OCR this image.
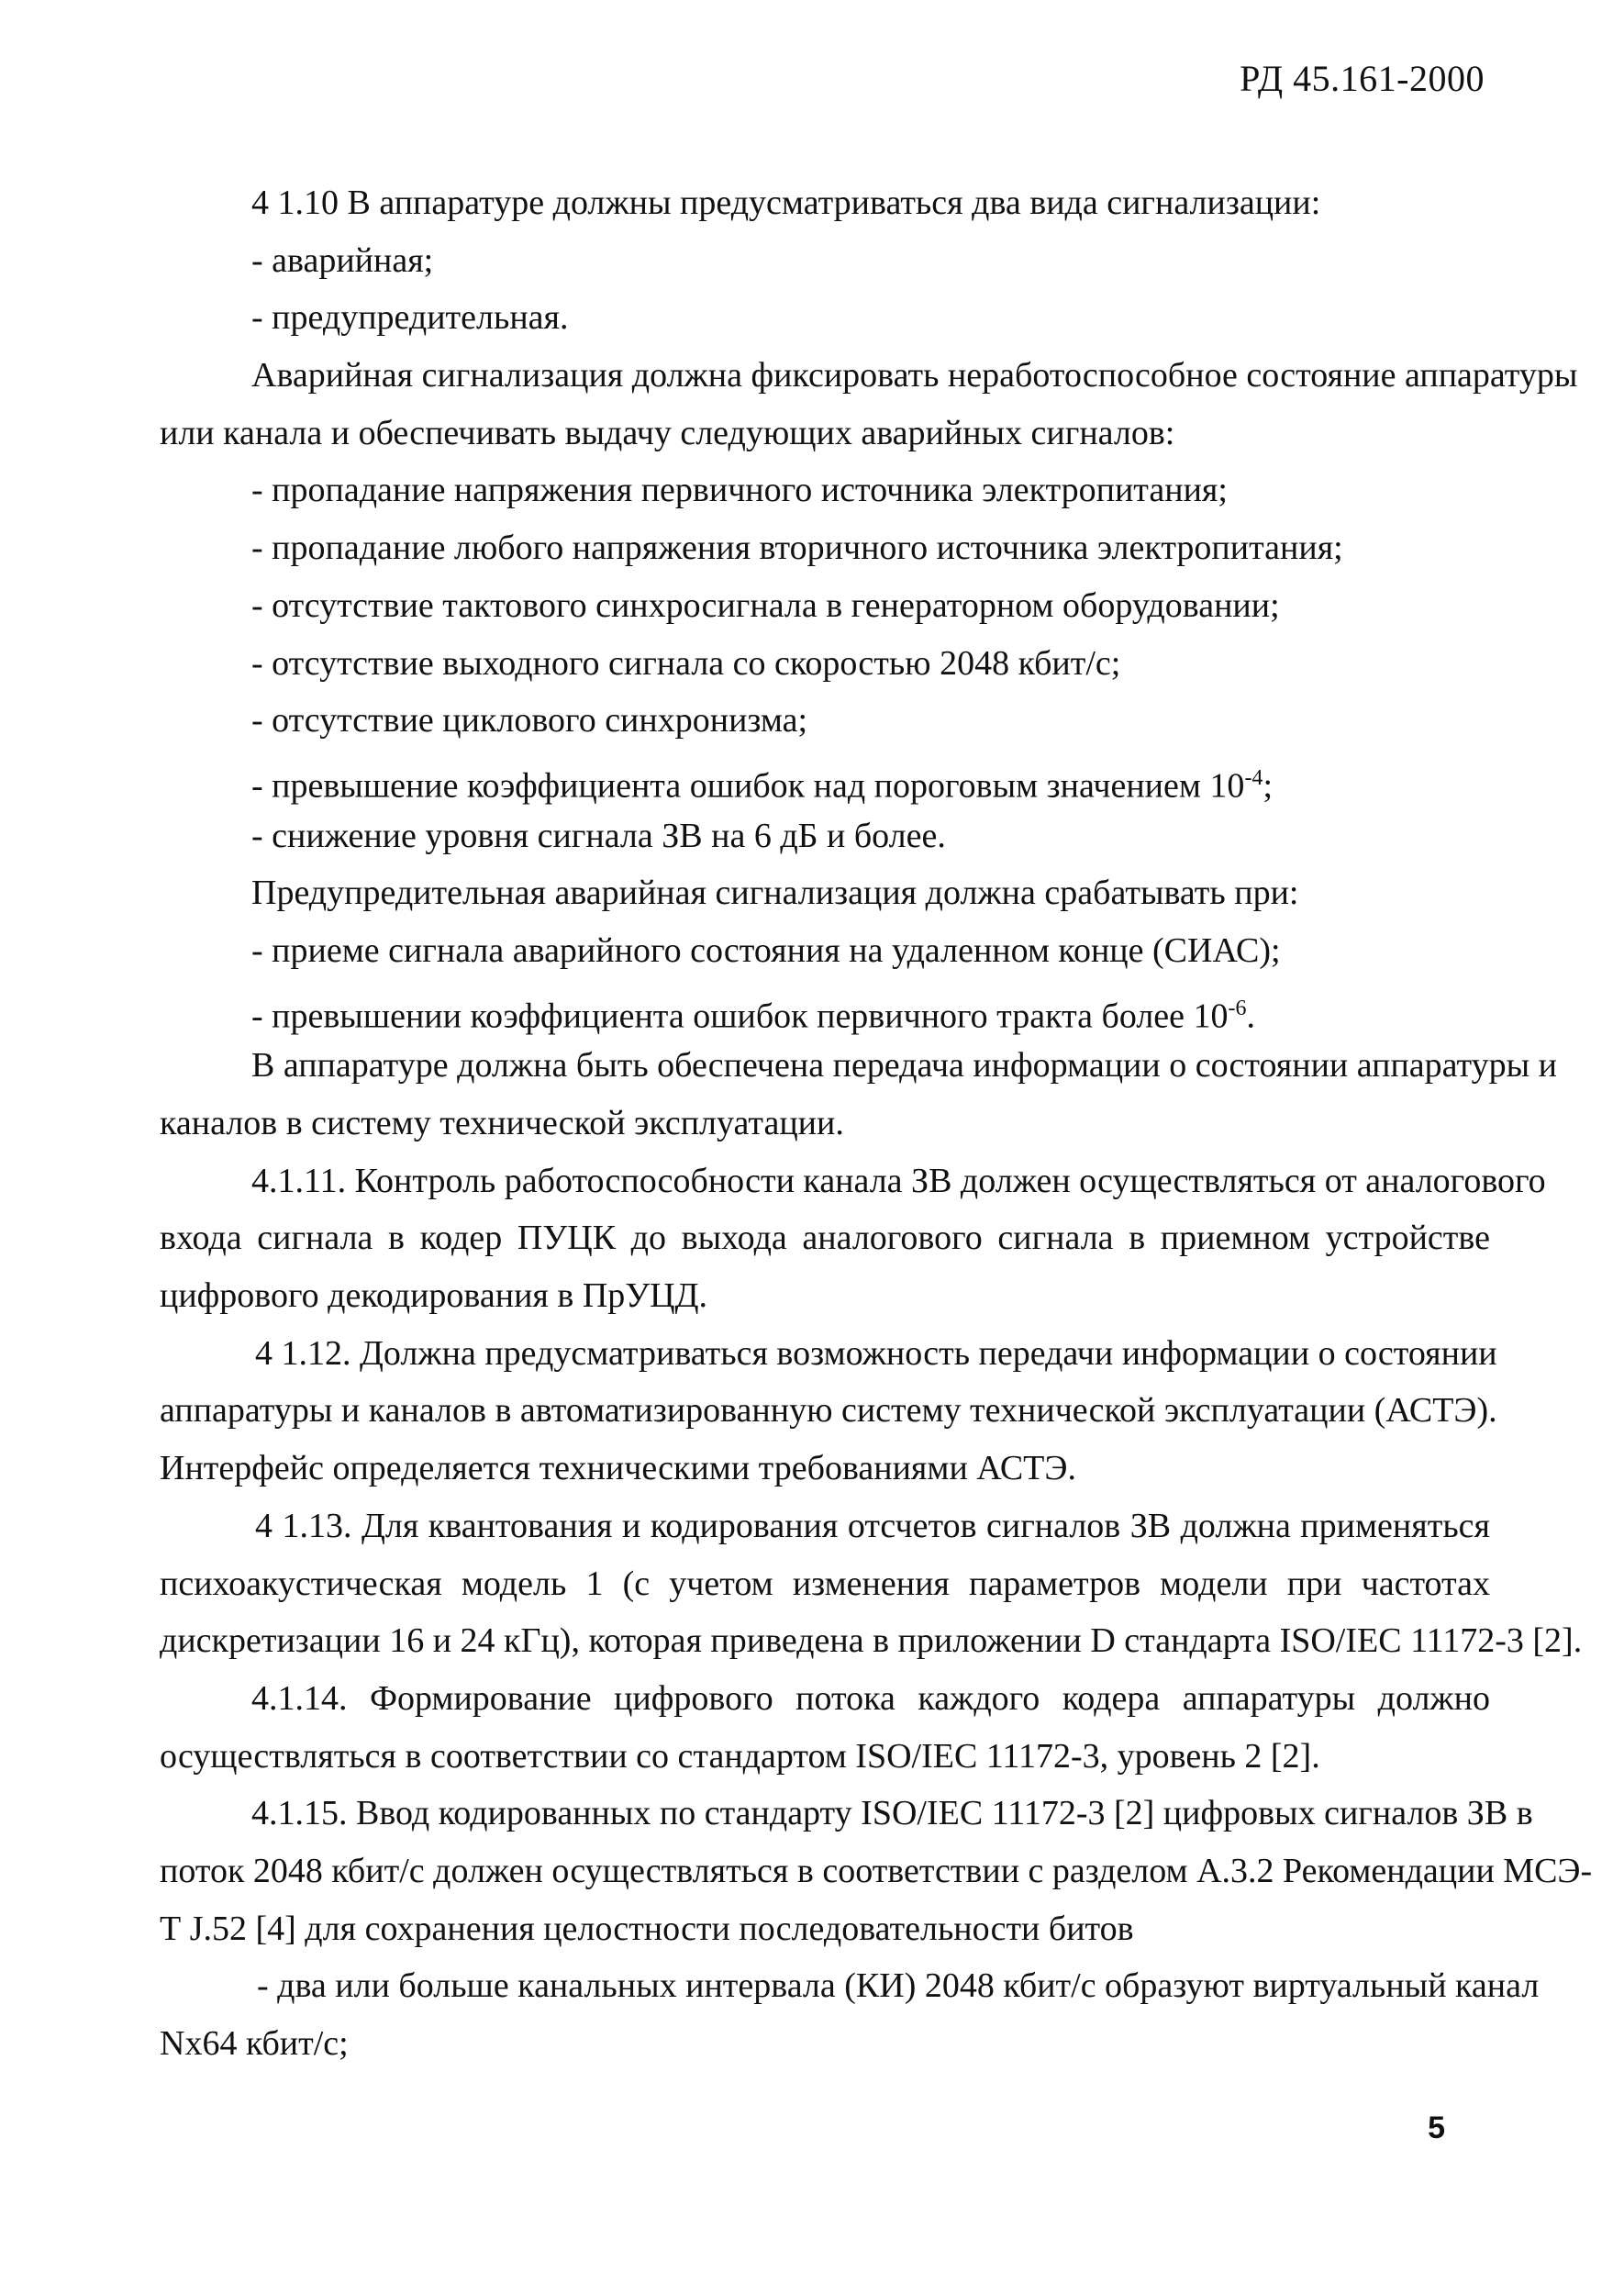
РД 45.161-2000
4 1.10 В аппаратуре должны предусматриваться два вида сигнализации:
- аварийная;
- предупредительная.
Аварийная сигнализация должна фиксировать неработоспособное состояние аппаратуры
или канала и обеспечивать выдачу следующих аварийных сигналов:
- пропадание напряжения первичного источника электропитания;
- пропадание любого напряжения вторичного источника электропитания;
- отсутствие тактового синхросигнала в генераторном оборудовании;
- отсутствие выходного сигнала со скоростью 2048 кбит/с;
- отсутствие циклового синхронизма;
- превышение коэффициента ошибок над пороговым значением $10^{-4}$;
- снижение уровня сигнала ЗВ на 6 дБ и более.
Предупредительная аварийная сигнализация должна срабатывать при:
- приеме сигнала аварийного состояния на удаленном конце (СИАС);
- превышении коэффициента ошибок первичного тракта более $10^{-6}$.
В аппаратуре должна быть обеспечена передача информации о состоянии аппаратуры и
каналов в систему технической эксплуатации.
4.1.11. Контроль работоспособности канала ЗВ должен осуществляться от аналогового
входа сигнала в кодер ПУЦК до выхода аналогового сигнала в приемном устройстве
цифрового декодирования в ПрУЦД.
4 1.12. Должна предусматриваться возможность передачи информации о состоянии
аппаратуры и каналов в автоматизированную систему технической эксплуатации (АСТЭ).
Интерфейс определяется техническими требованиями АСТЭ.
4 1.13. Для квантования и кодирования отсчетов сигналов ЗВ должна применяться
психоакустическая модель 1 (с учетом изменения параметров модели при частотах
дискретизации 16 и 24 кГц), которая приведена в приложении D стандарта ISO/IEC 11172-3 [2].
4.1.14. Формирование цифрового потока каждого кодера аппаратуры должно
осуществляться в соответствии со стандартом ISO/IEC 11172-3, уровень 2 [2].
4.1.15. Ввод кодированных по стандарту ISO/IEC 11172-3 [2] цифровых сигналов ЗВ в
поток 2048 кбит/с должен осуществляться в соответствии с разделом А.3.2 Рекомендации МСЭ-
Т J.52 [4] для сохранения целостности последовательности битов
- два или больше канальных интервала (КИ) 2048 кбит/с образуют виртуальный канал
Nx64 кбит/с;
5
